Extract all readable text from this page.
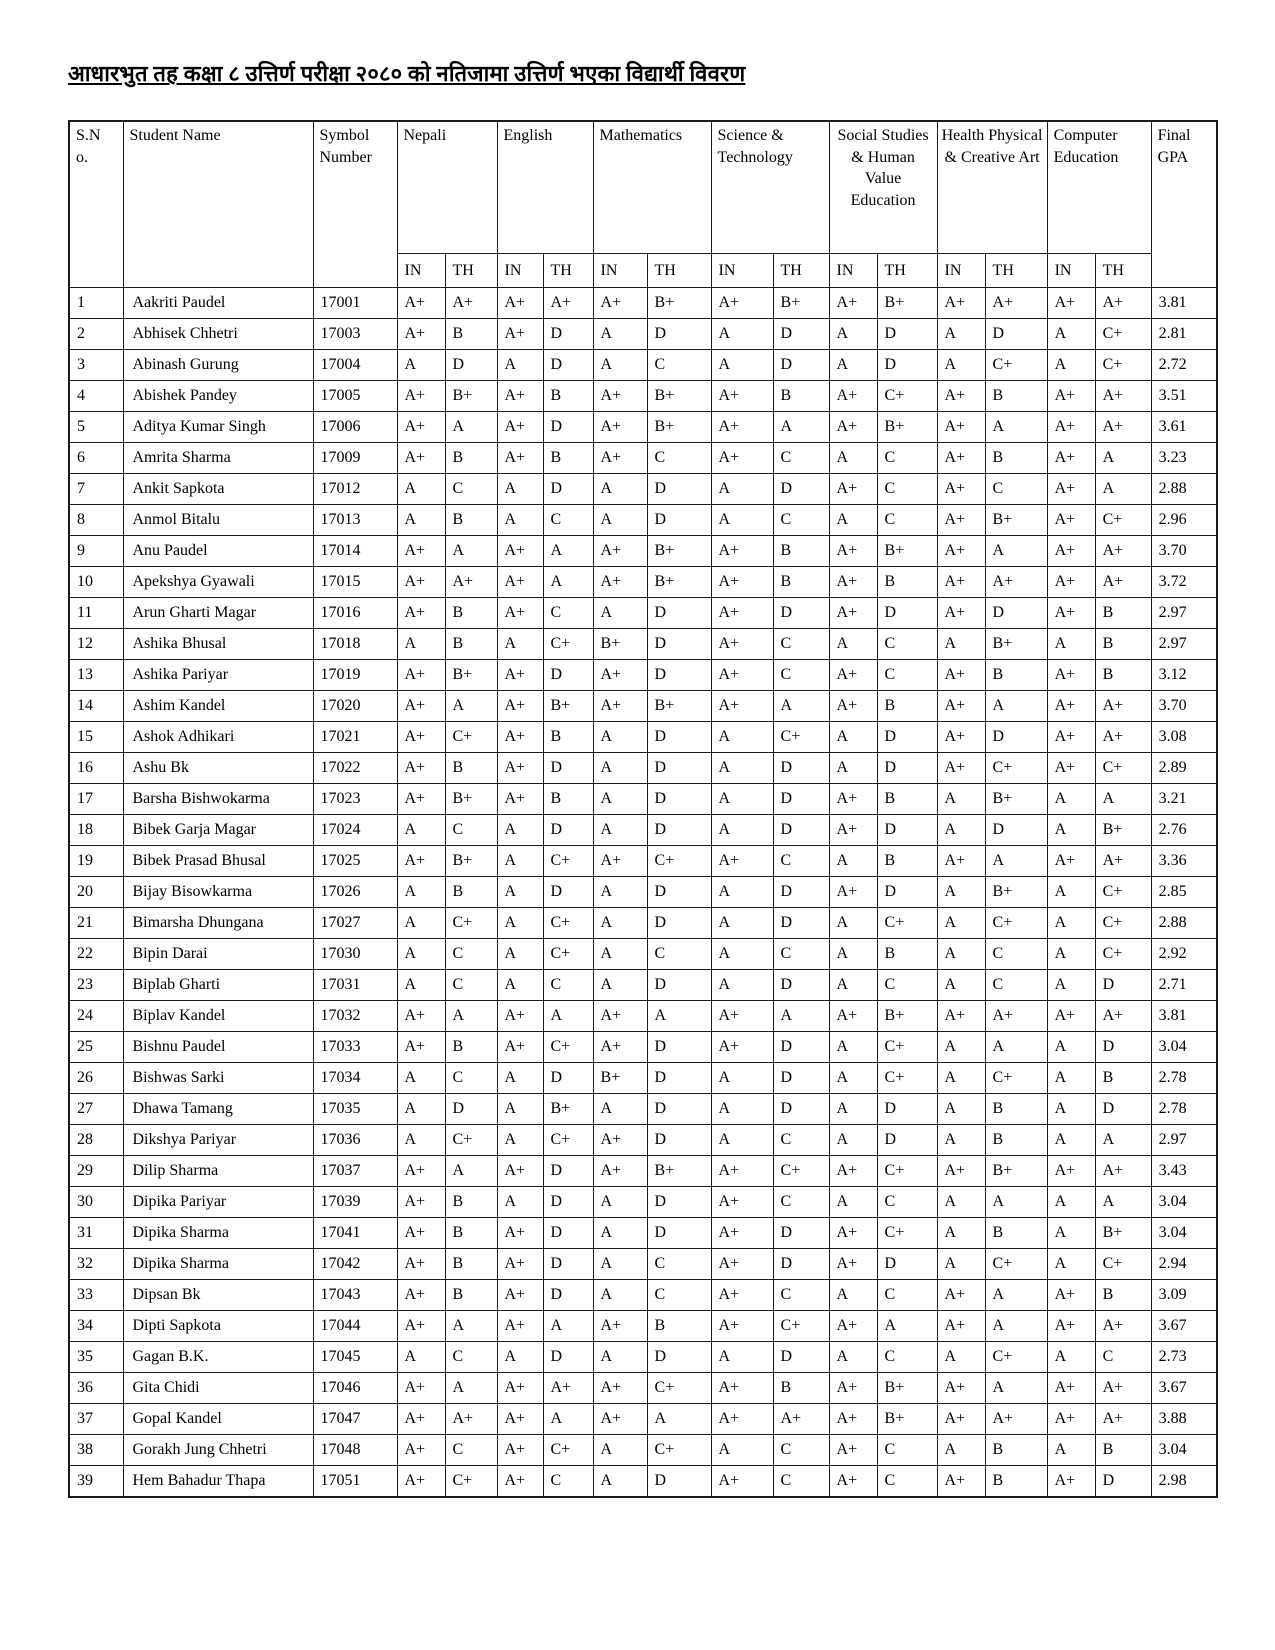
आधारभुत तह कक्षा ८ उत्तिर्ण परीक्षा २०८० को नतिजामा उत्तिर्ण भएका विद्यार्थी विवरण
S.No.	Student Name	Symbol Number	Nepali		English		Mathematics		Science & Technology		Social Studies & Human Value Education		Health Physical & Creative Art		Computer Education		Final GPA
			IN	TH	IN	TH	IN	TH	IN	TH	IN	TH	IN	TH	IN	TH	
1	Aakriti Paudel	17001	A+	A+	A+	A+	A+	B+	A+	B+	A+	B+	A+	A+	A+	A+	3.81
2	Abhisek Chhetri	17003	A+	B	A+	D	A	D	A	D	A	D	A	D	A	C+	2.81
3	Abinash Gurung	17004	A	D	A	D	A	C	A	D	A	D	A	C+	A	C+	2.72
4	Abishek Pandey	17005	A+	B+	A+	B	A+	B+	A+	B	A+	C+	A+	B	A+	A+	3.51
5	Aditya Kumar Singh	17006	A+	A	A+	D	A+	B+	A+	A	A+	B+	A+	A	A+	A+	3.61
6	Amrita Sharma	17009	A+	B	A+	B	A+	C	A+	C	A	C	A+	B	A+	A	3.23
7	Ankit Sapkota	17012	A	C	A	D	A	D	A	D	A+	C	A+	C	A+	A	2.88
8	Anmol Bitalu	17013	A	B	A	C	A	D	A	C	A	C	A+	B+	A+	C+	2.96
9	Anu Paudel	17014	A+	A	A+	A	A+	B+	A+	B	A+	B+	A+	A	A+	A+	3.70
10	Apekshya Gyawali	17015	A+	A+	A+	A	A+	B+	A+	B	A+	B	A+	A+	A+	A+	3.72
11	Arun Gharti Magar	17016	A+	B	A+	C	A	D	A+	D	A+	D	A+	D	A+	B	2.97
12	Ashika Bhusal	17018	A	B	A	C+	B+	D	A+	C	A	C	A	B+	A	B	2.97
13	Ashika Pariyar	17019	A+	B+	A+	D	A+	D	A+	C	A+	C	A+	B	A+	B	3.12
14	Ashim Kandel	17020	A+	A	A+	B+	A+	B+	A+	A	A+	B	A+	A	A+	A+	3.70
15	Ashok Adhikari	17021	A+	C+	A+	B	A	D	A	C+	A	D	A+	D	A+	A+	3.08
16	Ashu Bk	17022	A+	B	A+	D	A	D	A	D	A	D	A+	C+	A+	C+	2.89
17	Barsha Bishwokarma	17023	A+	B+	A+	B	A	D	A	D	A+	B	A	B+	A	A	3.21
18	Bibek Garja Magar	17024	A	C	A	D	A	D	A	D	A+	D	A	D	A	B+	2.76
19	Bibek Prasad Bhusal	17025	A+	B+	A	C+	A+	C+	A+	C	A	B	A+	A	A+	A+	3.36
20	Bijay Bisowkarma	17026	A	B	A	D	A	D	A	D	A+	D	A	B+	A	C+	2.85
21	Bimarsha Dhungana	17027	A	C+	A	C+	A	D	A	D	A	C+	A	C+	A	C+	2.88
22	Bipin Darai	17030	A	C	A	C+	A	C	A	C	A	B	A	C	A	C+	2.92
23	Biplab Gharti	17031	A	C	A	C	A	D	A	D	A	C	A	C	A	D	2.71
24	Biplav Kandel	17032	A+	A	A+	A	A+	A	A+	A	A+	B+	A+	A+	A+	A+	3.81
25	Bishnu Paudel	17033	A+	B	A+	C+	A+	D	A+	D	A	C+	A	A	A	D	3.04
26	Bishwas Sarki	17034	A	C	A	D	B+	D	A	D	A	C+	A	C+	A	B	2.78
27	Dhawa Tamang	17035	A	D	A	B+	A	D	A	D	A	D	A	B	A	D	2.78
28	Dikshya Pariyar	17036	A	C+	A	C+	A+	D	A	C	A	D	A	B	A	A	2.97
29	Dilip Sharma	17037	A+	A	A+	D	A+	B+	A+	C+	A+	C+	A+	B+	A+	A+	3.43
30	Dipika Pariyar	17039	A+	B	A	D	A	D	A+	C	A	C	A	A	A	A	3.04
31	Dipika Sharma	17041	A+	B	A+	D	A	D	A+	D	A+	C+	A	B	A	B+	3.04
32	Dipika Sharma	17042	A+	B	A+	D	A	C	A+	D	A+	D	A	C+	A	C+	2.94
33	Dipsan Bk	17043	A+	B	A+	D	A	C	A+	C	A	C	A+	A	A+	B	3.09
34	Dipti Sapkota	17044	A+	A	A+	A	A+	B	A+	C+	A+	A	A+	A	A+	A+	3.67
35	Gagan B.K.	17045	A	C	A	D	A	D	A	D	A	C	A	C+	A	C	2.73
36	Gita Chidi	17046	A+	A	A+	A+	A+	C+	A+	B	A+	B+	A+	A	A+	A+	3.67
37	Gopal Kandel	17047	A+	A+	A+	A	A+	A	A+	A+	A+	B+	A+	A+	A+	A+	3.88
38	Gorakh Jung Chhetri	17048	A+	C	A+	C+	A	C+	A	C	A+	C	A	B	A	B	3.04
39	Hem Bahadur Thapa	17051	A+	C+	A+	C	A	D	A+	C	A+	C	A+	B	A+	D	2.98
